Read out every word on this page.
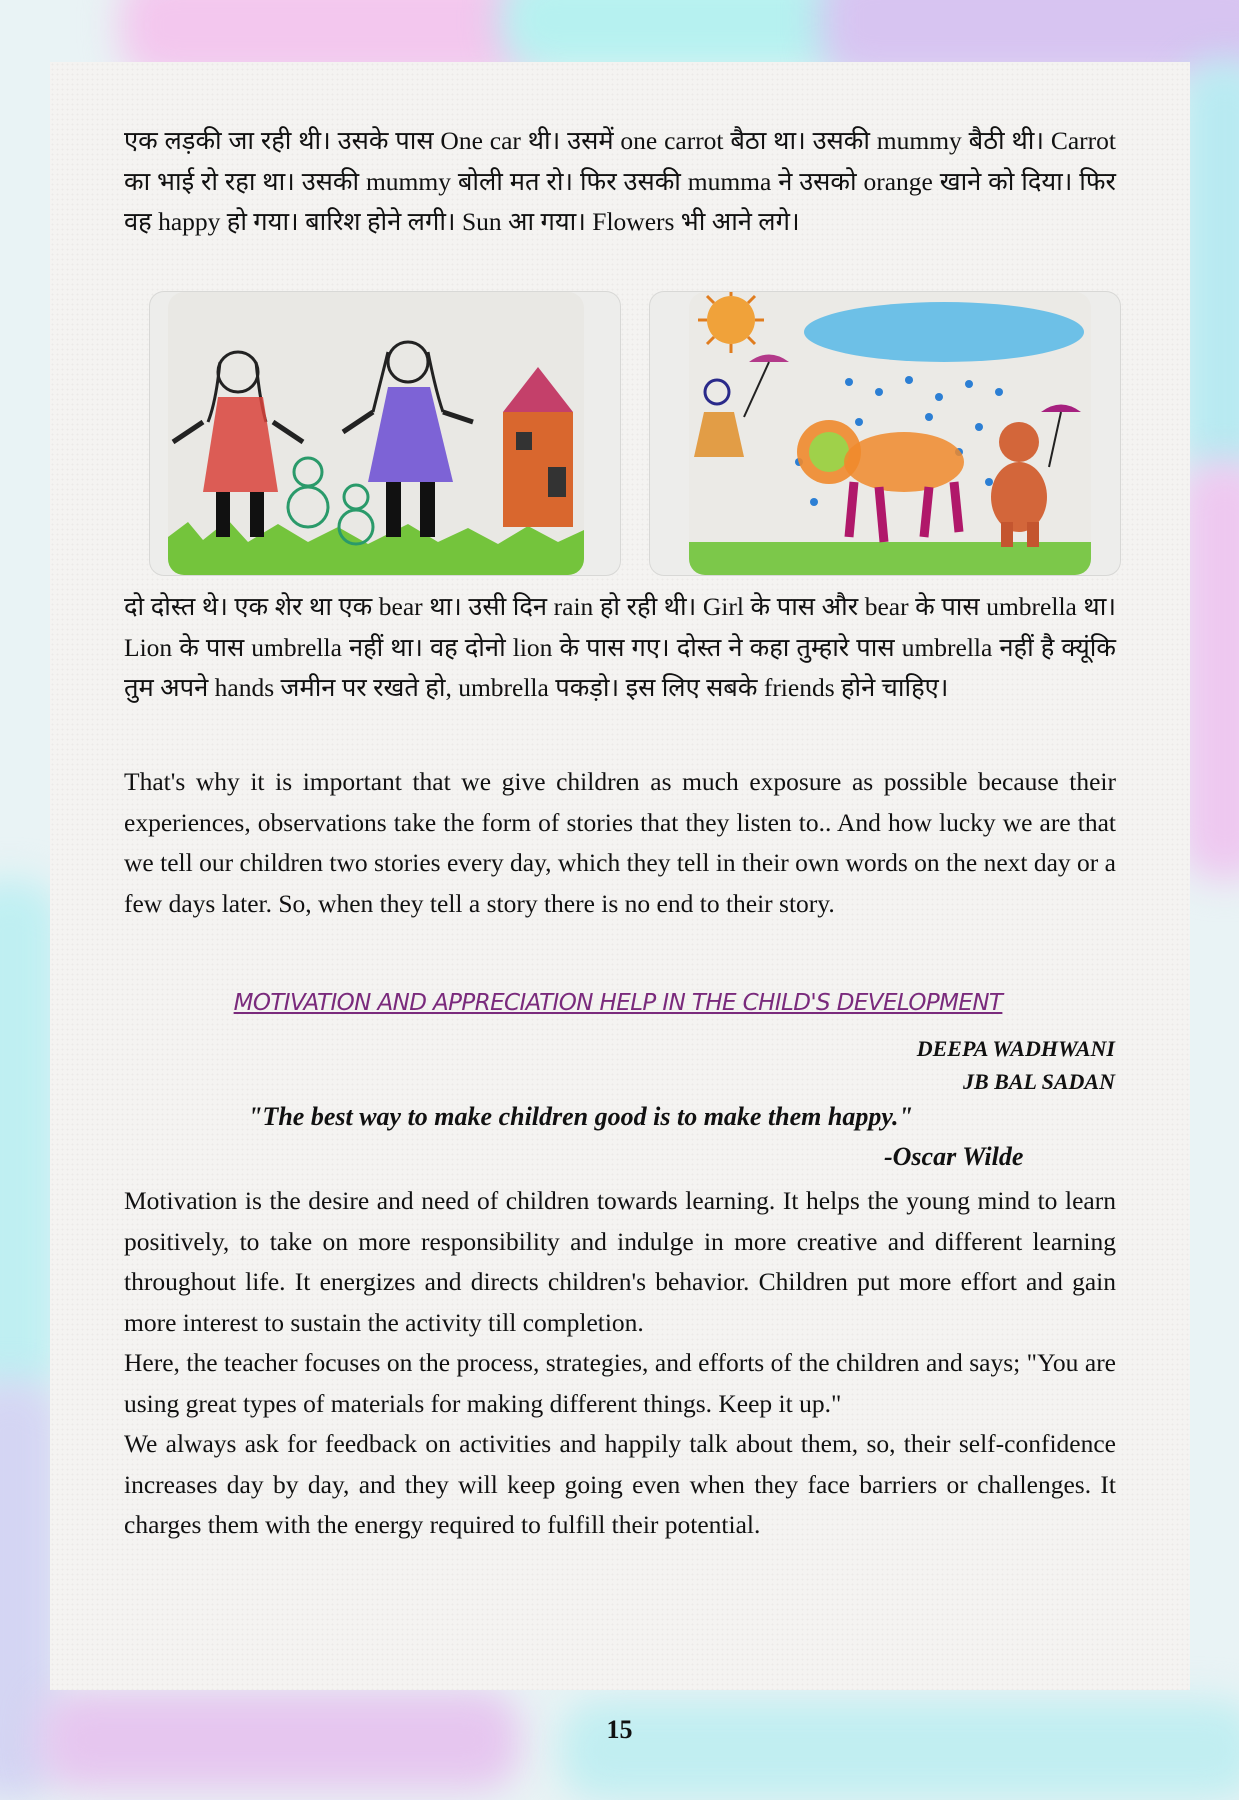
एक लड़की जा रही थी। उसके पास One car थी। उसमें one carrot बैठा था। उसकी mummy बैठी थी। Carrot का भाई रो रहा था। उसकी mummy बोली मत रो। फिर उसकी mumma ने उसको orange खाने को दिया। फिर वह happy हो गया। बारिश होने लगी। Sun आ गया। Flowers भी आने लगे।

दो दोस्त थे। एक शेर था एक bear था। उसी दिन rain हो रही थी। Girl के पास और bear के पास umbrella था। Lion के पास umbrella नहीं था। वह दोनो lion के पास गए। दोस्त ने कहा तुम्हारे पास umbrella नहीं है क्यूंकि तुम अपने hands जमीन पर रखते हो, umbrella पकड़ो। इस लिए सबके friends होने चाहिए।

That's why it is important that we give children as much exposure as possible because their experiences, observations take the form of stories that they listen to.. And how lucky we are that we tell our children two stories every day, which they tell in their own words on the next day or a few days later. So, when they tell a story there is no end to their story.

MOTIVATION AND APPRECIATION HELP IN THE CHILD'S DEVELOPMENT
DEEPA WADHWANI
JB BAL SADAN
"The best way to make children good is to make them happy."
-Oscar Wilde

Motivation is the desire and need of children towards learning. It helps the young mind to learn positively, to take on more responsibility and indulge in more creative and different learning throughout life. It energizes and directs children's behavior. Children put more effort and gain more interest to sustain the activity till completion.

Here, the teacher focuses on the process, strategies, and efforts of the children and says; "You are using great types of materials for making different things. Keep it up."

We always ask for feedback on activities and happily talk about them, so, their self-confidence increases day by day, and they will keep going even when they face barriers or challenges. It charges them with the energy required to fulfill their potential.

15
